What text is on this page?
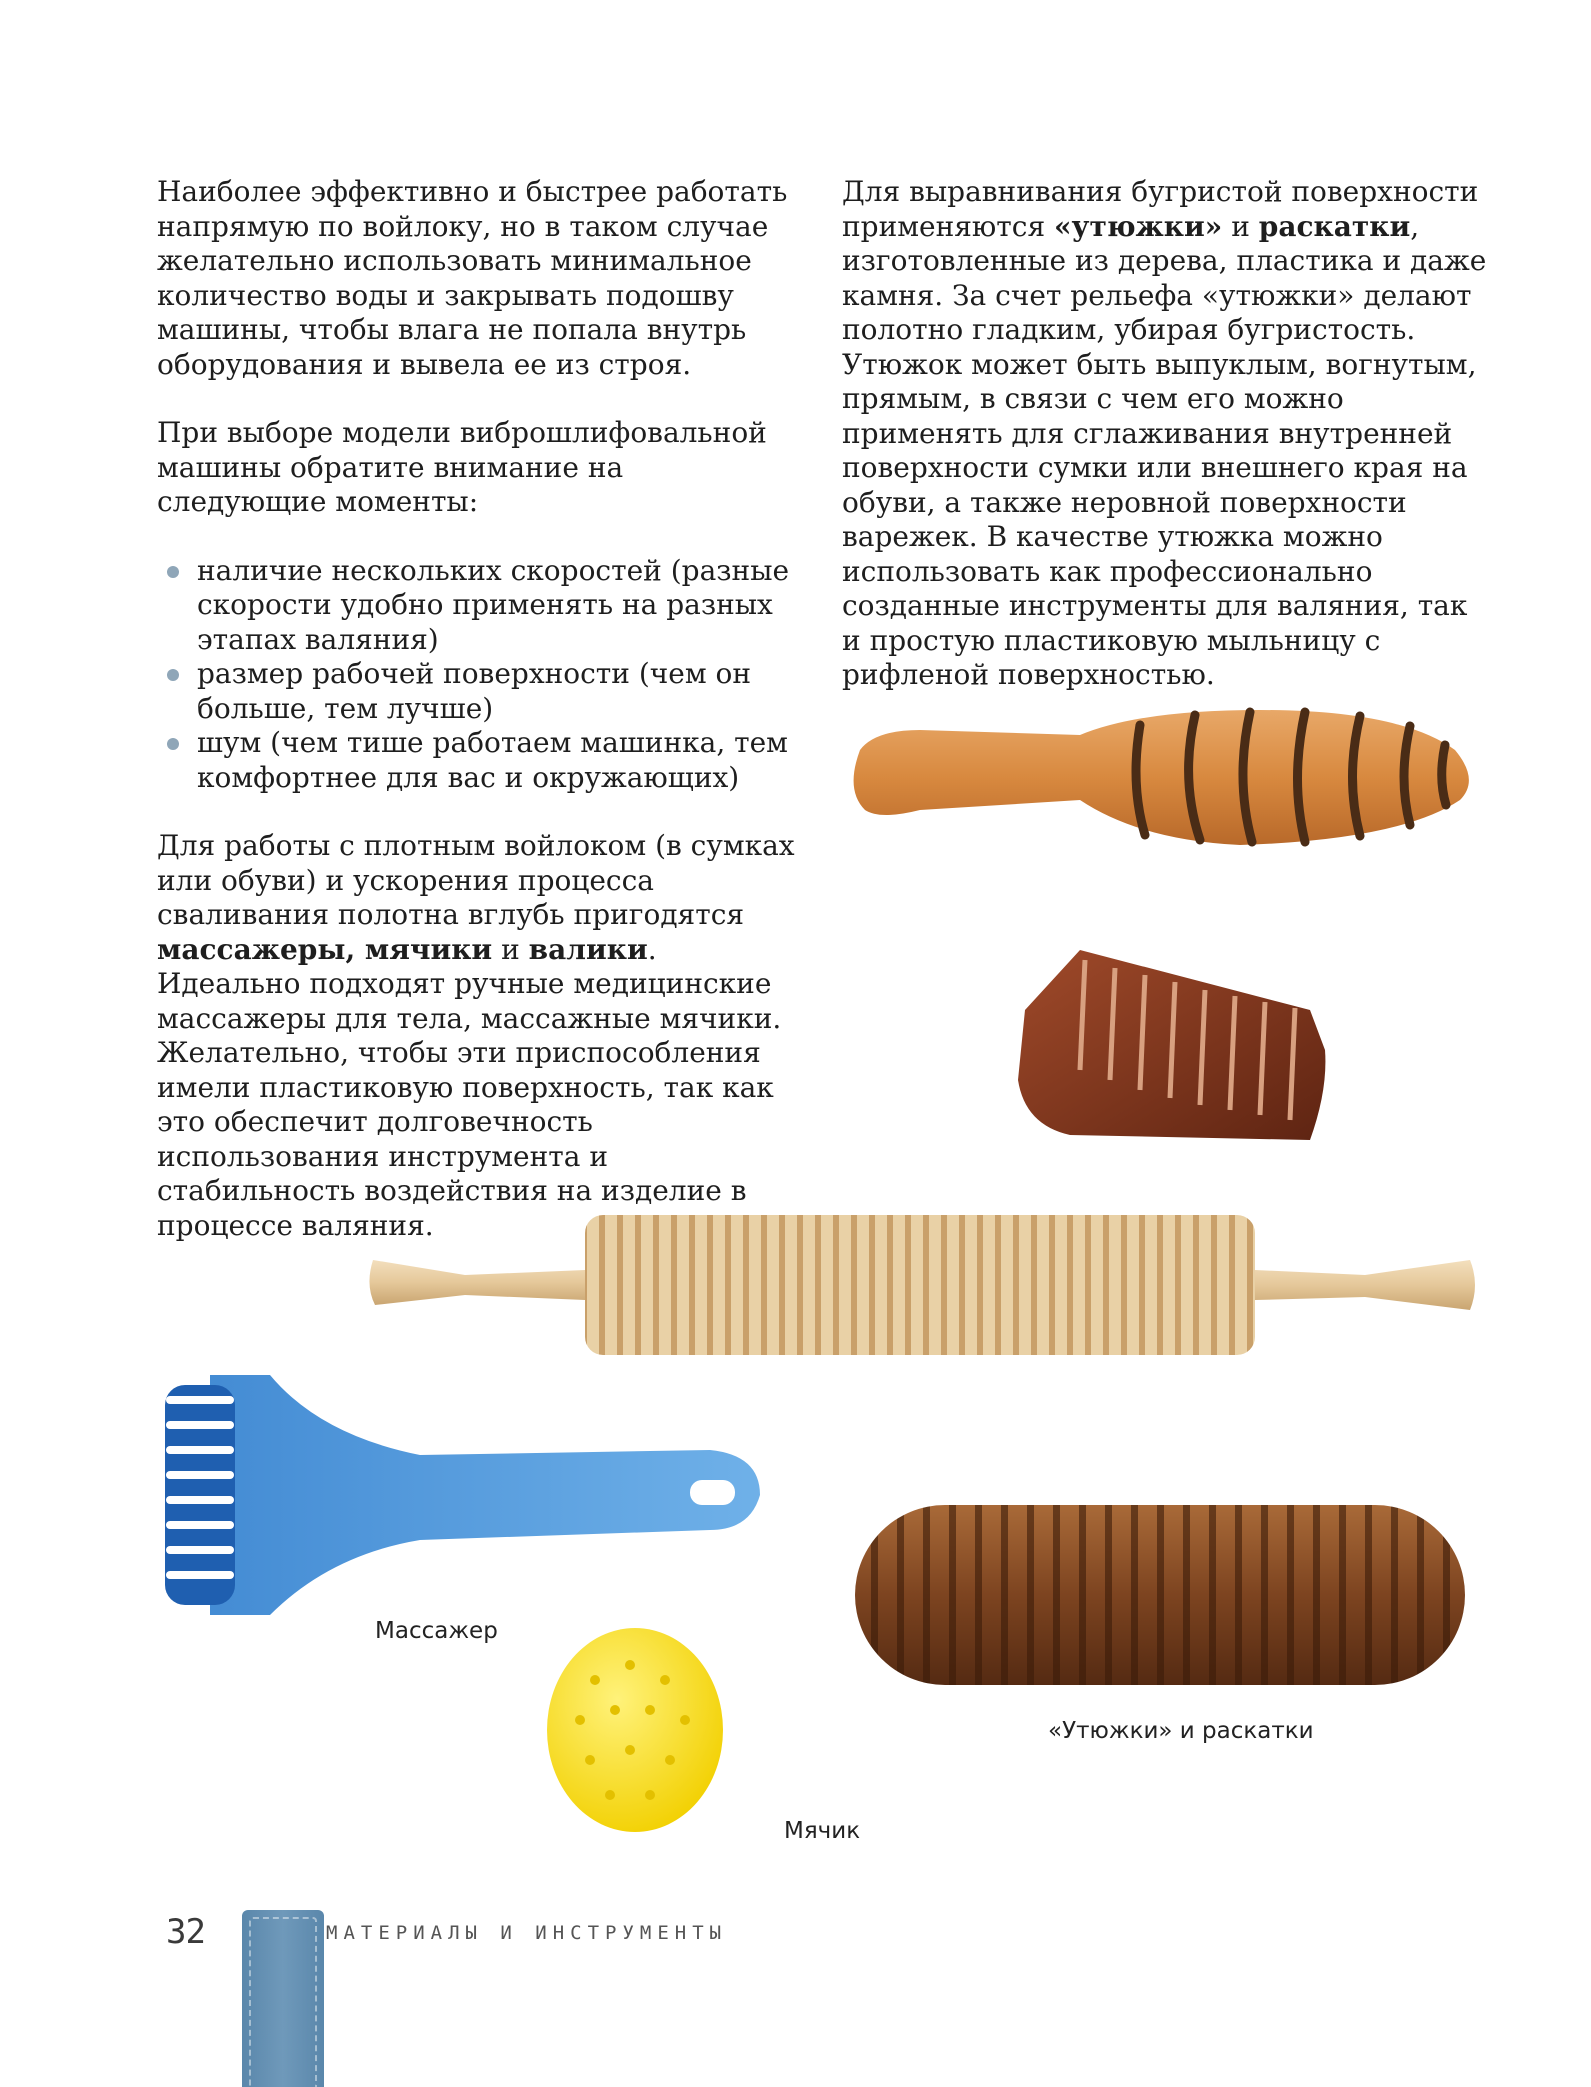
Наиболее эффективно и быстрее работать напрямую по войлоку, но в таком случае желательно использовать минимальное количество воды и закрывать подошву машины, чтобы влага не попала внутрь оборудования и вывела ее из строя.

При выборе модели виброшлифовальной машины обратите внимание на следующие моменты:

наличие нескольких скоростей (разные скорости удобно применять на разных этапах валяния)
размер рабочей поверхности (чем он больше, тем лучше)
шум (чем тише работаем машинка, тем комфортнее для вас и окружающих)

Для работы с плотным войлоком (в сумках или обуви) и ускорения процесса сваливания полотна вглубь пригодятся массажеры, мячики и валики. Идеально подходят ручные медицинские массажеры для тела, массажные мячики. Желательно, чтобы эти приспособления имели пластиковую поверхность, так как это обеспечит долговечность использования инструмента и стабильность воздействия на изделие в процессе валяния.

Для выравнивания бугристой поверхности применяются «утюжки» и раскатки, изготовленные из дерева, пластика и даже камня. За счет рельефа «утюжки» делают полотно гладким, убирая бугристость. Утюжок может быть выпуклым, вогнутым, прямым, в связи с чем его можно применять для сглаживания внутренней поверхности сумки или внешнего края на обуви, а также неровной поверхности варежек. В качестве утюжка можно использовать как профессионально созданные инструменты для валяния, так и простую пластиковую мыльницу с рифленой поверхностью.

Массажер
Мячик
«Утюжки» и раскатки
32	МАТЕРИАЛЫ И ИНСТРУМЕНТЫ
